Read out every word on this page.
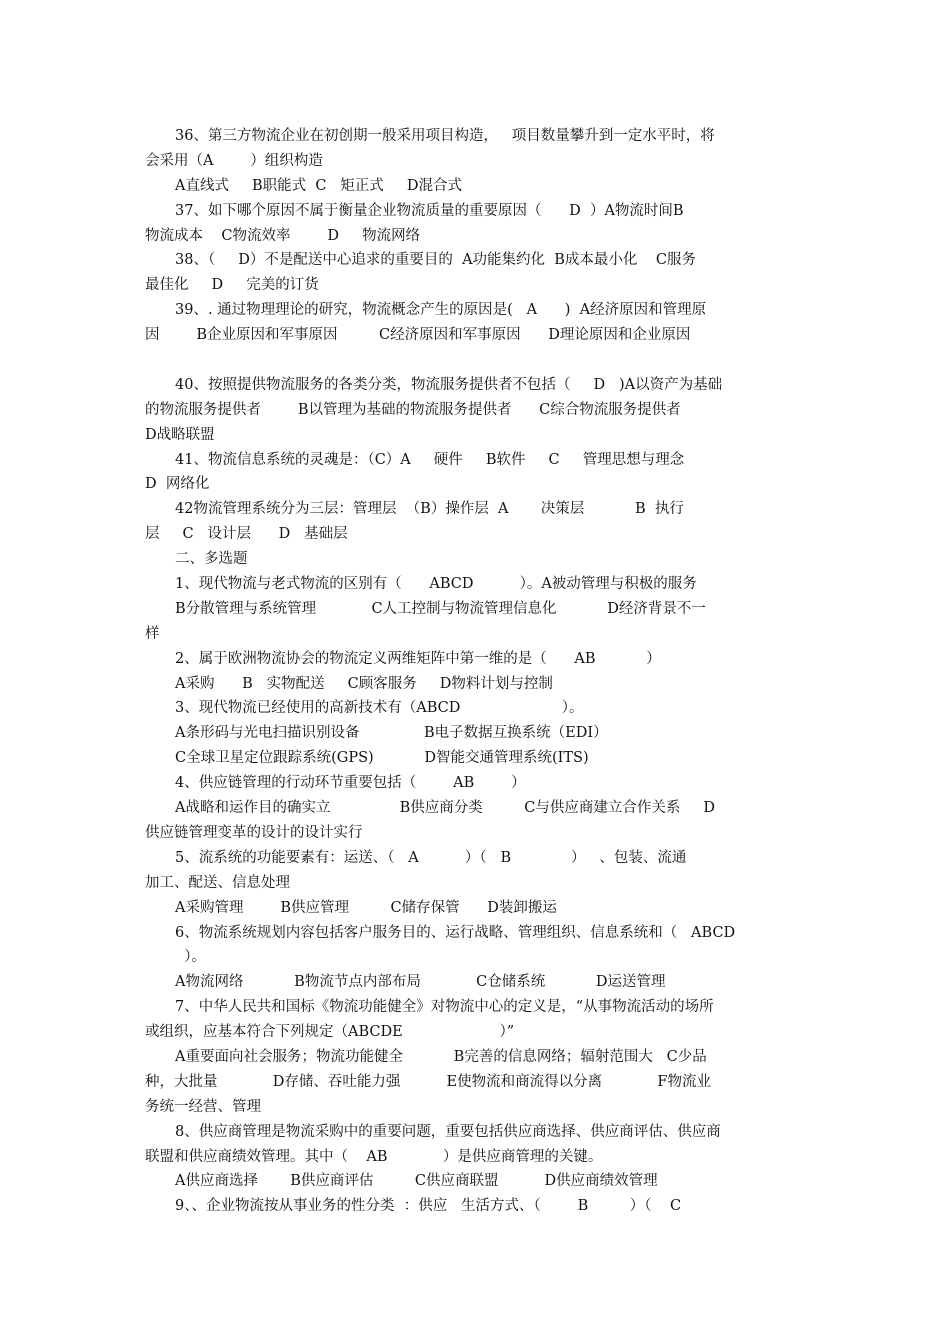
36、第三方物流企业在初创期一般采用项目构造，   项目数量攀升到一定水平时，将
会采用（A        ）组织构造
A直线式     B职能式  C   矩正式     D混合式
37、如下哪个原因不属于衡量企业物流质量的重要原因（      D  ）A物流时间B
物流成本    C物流效率        D     物流网络
38、（     D）不是配送中心追求的重要目的  A功能集约化  B成本最小化    C服务
最佳化     D     完美的订货
39、. 通过物理理论的研究，物流概念产生的原因是(   A      )  A经济原因和管理原
因        B企业原因和军事原因         C经济原因和军事原因      D理论原因和企业原因
40、按照提供物流服务的各类分类，物流服务提供者不包括（     D   )A以资产为基础
的物流服务提供者        B以管理为基础的物流服务提供者      C综合物流服务提供者
D战略联盟
41、物流信息系统的灵魂是：（C）A     硬件     B软件     C     管理思想与理念
D  网络化
42物流管理系统分为三层：管理层  （B）操作层  A       决策层           B  执行
层     C   设计层      D   基础层
二、多选题
1、现代物流与老式物流的区别有（      ABCD          ）。A被动管理与积极的服务
B分散管理与系统管理            C人工控制与物流管理信息化           D经济背景不一
样
2、属于欧洲物流协会的物流定义两维矩阵中第一维的是（      AB           ）
A采购      B   实物配送     C顾客服务     D物料计划与控制
3、现代物流已经使用的高新技术有（ABCD                      ）。
A条形码与光电扫描识别设备              B电子数据互换系统（EDI）
C全球卫星定位跟踪系统(GPS)           D智能交通管理系统(ITS)
4、供应链管理的行动环节重要包括（        AB        ）
A战略和运作目的确实立               B供应商分类         C与供应商建立合作关系     D
供应链管理变革的设计的设计实行
5、流系统的功能要素有：运送、（   A          ）（   B             ）   、包装、流通
加工、配送、信息处理
A采购管理        B供应管理         C储存保管      D装卸搬运
6、物流系统规划内容包括客户服务目的、运行战略、管理组织、信息系统和（   ABCD
）。
A物流网络           B物流节点内部布局            C仓储系统           D运送管理
7、中华人民共和国标《物流功能健全》对物流中心的定义是，“从事物流活动的场所
或组织，应基本符合下列规定（ABCDE                     ）”
A重要面向社会服务；物流功能健全           B完善的信息网络；辐射范围大   C少品
种，大批量            D存储、吞吐能力强          E使物流和商流得以分离            F物流业
务统一经营、管理
8、供应商管理是物流采购中的重要问题，重要包括供应商选择、供应商评估、供应商
联盟和供应商绩效管理。其中（    AB            ）是供应商管理的关键。
A供应商选择       B供应商评估         C供应商联盟          D供应商绩效管理
9、、企业物流按从事业务的性分类  ：供应   生活方式、（        B         ）（    C
